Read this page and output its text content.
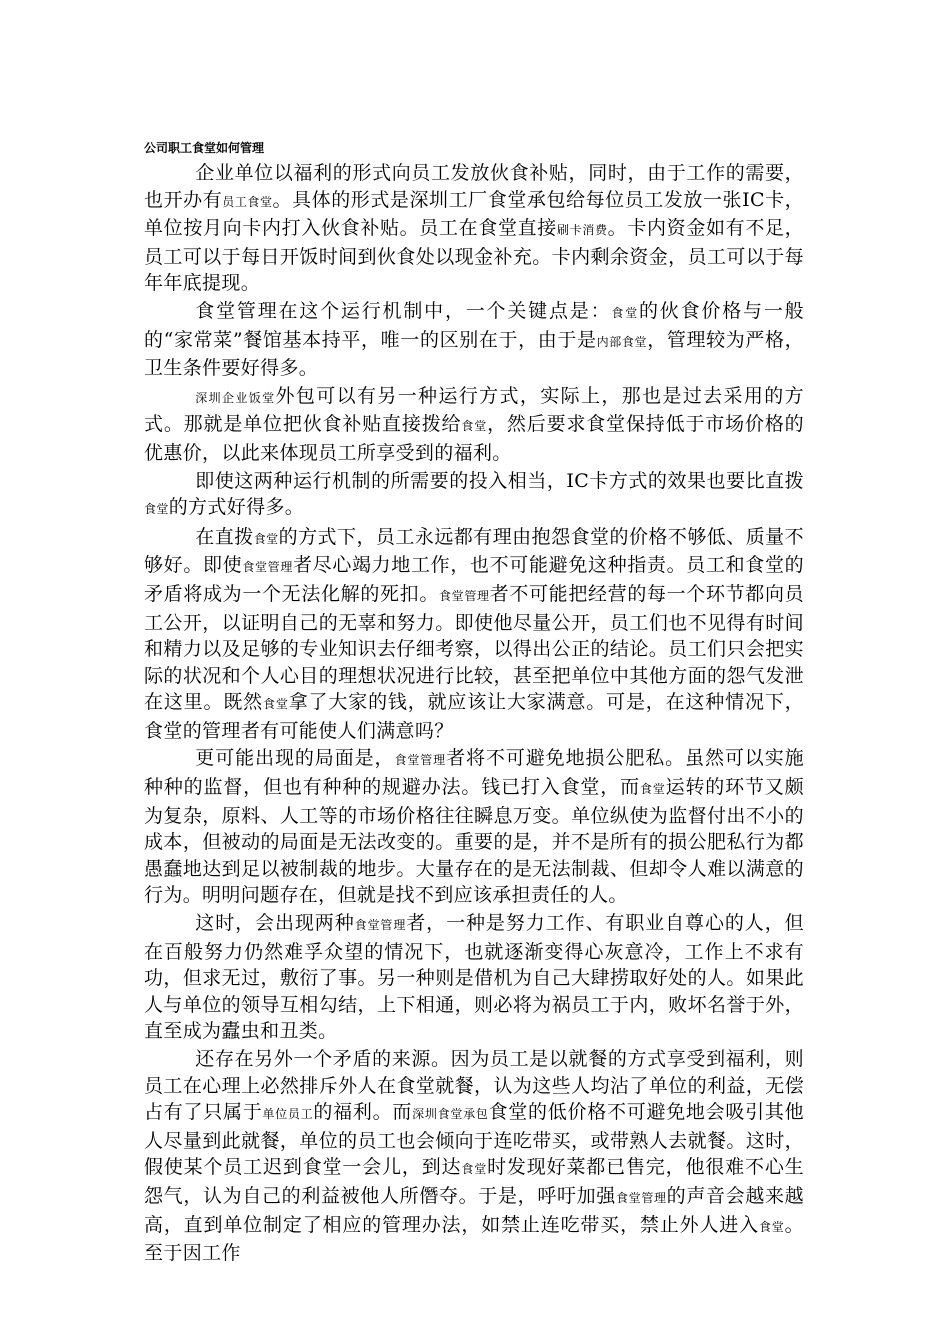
公司职工食堂如何管理

企业单位以福利的形式向员工发放伙食补贴，同时，由于工作的需要，也开办有员工食堂。具体的形式是深圳工厂食堂承包给每位员工发放一张IC卡，单位按月向卡内打入伙食补贴。员工在食堂直接刷卡消费。卡内资金如有不足，员工可以于每日开饭时间到伙食处以现金补充。卡内剩余资金，员工可以于每年年底提现。

食堂管理在这个运行机制中，一个关键点是：食堂的伙食价格与一般的“家常菜”餐馆基本持平，唯一的区别在于，由于是内部食堂，管理较为严格，卫生条件要好得多。

深圳企业饭堂外包可以有另一种运行方式，实际上，那也是过去采用的方式。那就是单位把伙食补贴直接拨给食堂，然后要求食堂保持低于市场价格的优惠价，以此来体现员工所享受到的福利。

即使这两种运行机制的所需要的投入相当，IC卡方式的效果也要比直拨食堂的方式好得多。

在直拨食堂的方式下，员工永远都有理由抱怨食堂的价格不够低、质量不够好。即使食堂管理者尽心竭力地工作，也不可能避免这种指责。员工和食堂的矛盾将成为一个无法化解的死扣。食堂管理者不可能把经营的每一个环节都向员工公开，以证明自己的无辜和努力。即使他尽量公开，员工们也不见得有时间和精力以及足够的专业知识去仔细考察，以得出公正的结论。员工们只会把实际的状况和个人心目的理想状况进行比较，甚至把单位中其他方面的怨气发泄在这里。既然食堂拿了大家的钱，就应该让大家满意。可是，在这种情况下，食堂的管理者有可能使人们满意吗？

更可能出现的局面是，食堂管理者将不可避免地损公肥私。虽然可以实施种种的监督，但也有种种的规避办法。钱已打入食堂，而食堂运转的环节又颇为复杂，原料、人工等的市场价格往往瞬息万变。单位纵使为监督付出不小的成本，但被动的局面是无法改变的。重要的是，并不是所有的损公肥私行为都愚蠢地达到足以被制裁的地步。大量存在的是无法制裁、但却令人难以满意的行为。明明问题存在，但就是找不到应该承担责任的人。

这时，会出现两种食堂管理者，一种是努力工作、有职业自尊心的人，但在百般努力仍然难孚众望的情况下，也就逐渐变得心灰意冷，工作上不求有功，但求无过，敷衍了事。另一种则是借机为自己大肆捞取好处的人。如果此人与单位的领导互相勾结，上下相通，则必将为祸员工于内，败坏名誉于外，直至成为蠹虫和丑类。

还存在另外一个矛盾的来源。因为员工是以就餐的方式享受到福利，则员工在心理上必然排斥外人在食堂就餐，认为这些人均沾了单位的利益，无偿占有了只属于单位员工的福利。而深圳食堂承包食堂的低价格不可避免地会吸引其他人尽量到此就餐，单位的员工也会倾向于连吃带买，或带熟人去就餐。这时，假使某个员工迟到食堂一会儿，到达食堂时发现好菜都已售完，他很难不心生怨气，认为自己的利益被他人所僭夺。于是，呼吁加强食堂管理的声音会越来越高，直到单位制定了相应的管理办法，如禁止连吃带买，禁止外人进入食堂。至于因工作
